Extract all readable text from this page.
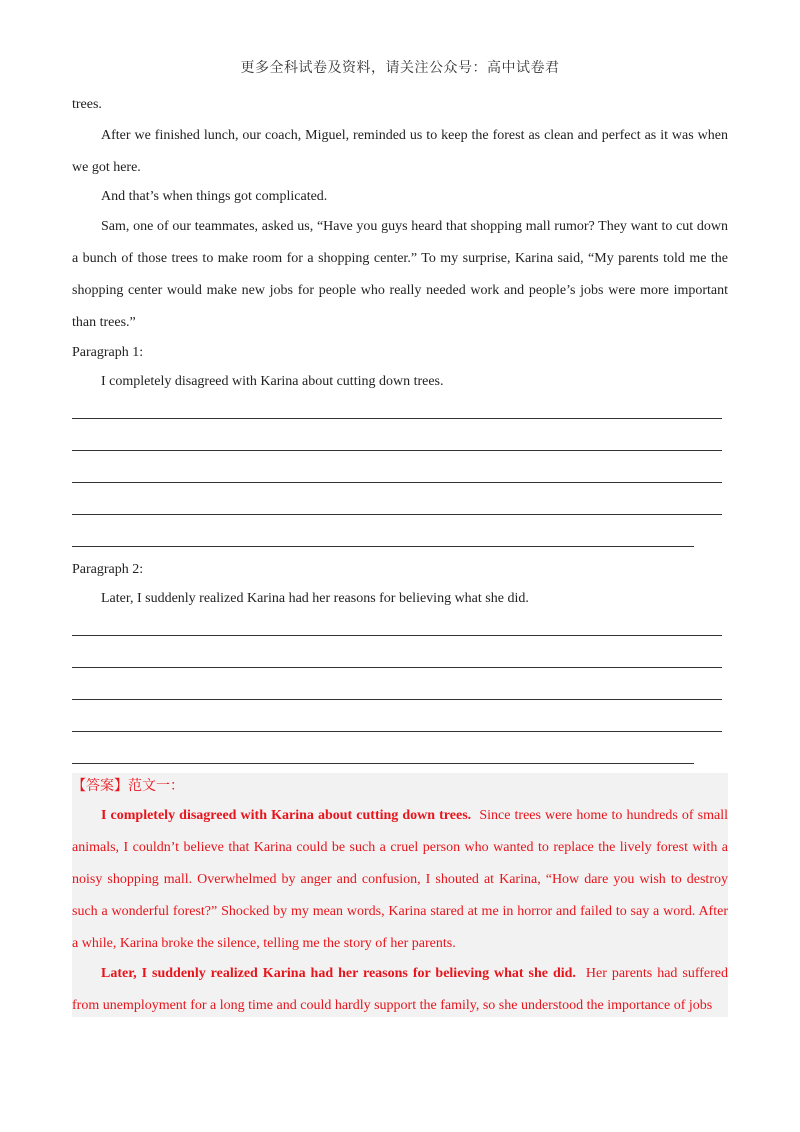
更多全科试卷及资料，请关注公众号：高中试卷君
trees.
After we finished lunch, our coach, Miguel, reminded us to keep the forest as clean and perfect as it was when we got here.
And that’s when things got complicated.
Sam, one of our teammates, asked us, “Have you guys heard that shopping mall rumor? They want to cut down a bunch of those trees to make room for a shopping center.” To my surprise, Karina said, “My parents told me the shopping center would make new jobs for people who really needed work and people’s jobs were more important than trees.”
Paragraph 1:
I completely disagreed with Karina about cutting down trees.
Paragraph 2:
Later, I suddenly realized Karina had her reasons for believing what she did.
【答案】范文一：
I completely disagreed with Karina about cutting down trees. Since trees were home to hundreds of small animals, I couldn’t believe that Karina could be such a cruel person who wanted to replace the lively forest with a noisy shopping mall. Overwhelmed by anger and confusion, I shouted at Karina, “How dare you wish to destroy such a wonderful forest?” Shocked by my mean words, Karina stared at me in horror and failed to say a word. After a while, Karina broke the silence, telling me the story of her parents.
Later, I suddenly realized Karina had her reasons for believing what she did. Her parents had suffered from unemployment for a long time and could hardly support the family, so she understood the importance of jobs
